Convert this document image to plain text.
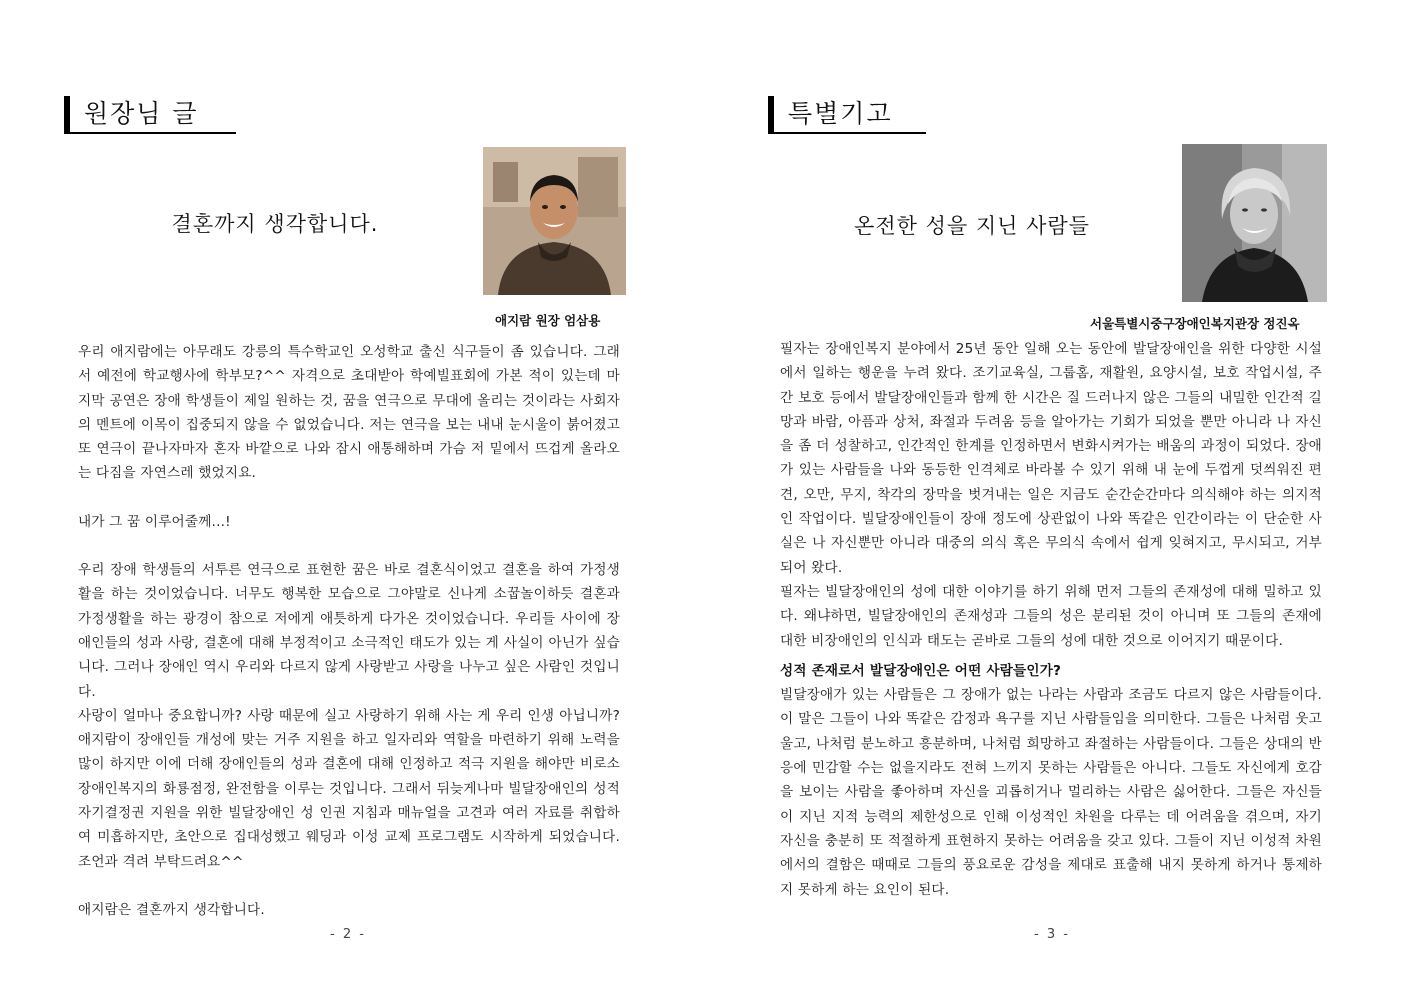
원장님 글
결혼까지 생각합니다.
애지람 원장 엄삼용

우리 애지람에는 아무래도 강릉의 특수학교인 오성학교 출신 식구들이 좀 있습니다. 그래서 예전에 학교행사에 학부모?^^ 자격으로 초대받아 학예빌표회에 가본 적이 있는데 마지막 공연은 장애 학생들이 제일 원하는 것, 꿈을 연극으로 무대에 올리는 것이라는 사회자의 멘트에 이목이 집중되지 않을 수 없었습니다. 저는 연극을 보는 내내 눈시울이 붉어졌고 또 연극이 끝나자마자 혼자 바깥으로 나와 잠시 애통해하며 가슴 저 밑에서 뜨겁게 올라오는 다짐을 자연스레 했었지요.

내가 그 꿈 이루어줄께...!

우리 장애 학생들의 서투른 연극으로 표현한 꿈은 바로 결혼식이었고 결혼을 하여 가정생활을 하는 것이었습니다. 너무도 행복한 모습으로 그야말로 신나게 소꿉놀이하듯 결혼과 가정생활을 하는 광경이 참으로 저에게 애틋하게 다가온 것이었습니다. 우리들 사이에 장애인들의 성과 사랑, 결혼에 대해 부정적이고 소극적인 태도가 있는 게 사실이 아닌가 싶습니다. 그러나 장애인 역시 우리와 다르지 않게 사랑받고 사랑을 나누고 싶은 사람인 것입니다.

사랑이 얼마나 중요합니까? 사랑 때문에 실고 사랑하기 위해 사는 게 우리 인생 아닙니까? 애지람이 장애인들 개성에 맞는 거주 지원을 하고 일자리와 역할을 마련하기 위해 노력을 많이 하지만 이에 더해 장애인들의 성과 결혼에 대해 인정하고 적극 지원을 해야만 비로소 장애인복지의 화룡점정, 완전함을 이루는 것입니다. 그래서 뒤늦게나마 빌달장애인의 성적자기결정권 지원을 위한 빌달장애인 성 인권 지침과 매뉴얼을 고견과 여러 자료를 취합하여 미흡하지만, 초안으로 집대성했고 웨딩과 이성 교제 프로그램도 시작하게 되었습니다. 조언과 격려 부탁드려요^^

애지람은 결혼까지 생각합니다.

- 2 -
특별기고
온전한 성을 지닌 사람들
서울특별시중구장애인복지관장 정진옥

필자는 장애인복지 분야에서 25년 동안 일해 오는 동안에 발달장애인을 위한 다양한 시설에서 일하는 행운을 누려 왔다. 조기교육실, 그룹홈, 재활원, 요양시설, 보호 작업시설, 주간 보호 등에서 발달장애인들과 함께 한 시간은 질 드러나지 않은 그들의 내밀한 인간적 길망과 바람, 아픔과 상처, 좌절과 두려움 등을 알아가는 기회가 되었을 뿐만 아니라 나 자신을 좀 더 성찰하고, 인간적인 한계를 인정하면서 변화시켜가는 배움의 과정이 되었다. 장애가 있는 사람들을 나와 동등한 인격체로 바라볼 수 있기 위해 내 눈에 두껍게 덧씌워진 편견, 오만, 무지, 착각의 장막을 벗겨내는 일은 지금도 순간순간마다 의식해야 하는 의지적인 작업이다. 빌달장애인들이 장애 정도에 상관없이 나와 똑같은 인간이라는 이 단순한 사실은 나 자신뿐만 아니라 대중의 의식 혹은 무의식 속에서 쉽게 잊혀지고, 무시되고, 거부되어 왔다.

필자는 빌달장애인의 성에 대한 이야기를 하기 위해 먼저 그들의 존재성에 대해 밀하고 있다. 왜냐하면, 빌달장애인의 존재성과 그들의 성은 분리된 것이 아니며 또 그들의 존재에 대한 비장애인의 인식과 태도는 곧바로 그들의 성에 대한 것으로 이어지기 때문이다.

성적 존재로서 발달장애인은 어떤 사람들인가?

빌달장애가 있는 사람들은 그 장애가 없는 나라는 사람과 조금도 다르지 않은 사람들이다. 이 말은 그들이 나와 똑같은 감정과 욕구를 지닌 사람들임을 의미한다. 그들은 나처럼 웃고 울고, 나처럼 분노하고 흥분하며, 나처럼 희망하고 좌절하는 사람들이다. 그들은 상대의 반응에 민감할 수는 없을지라도 전혀 느끼지 못하는 사람들은 아니다. 그들도 자신에게 호감을 보이는 사람을 좋아하며 자신을 괴롭히거나 멀리하는 사람은 싫어한다. 그들은 자신들이 지닌 지적 능력의 제한성으로 인해 이성적인 차원을 다루는 데 어려움을 겪으며, 자기 자신을 충분히 또 적절하게 표현하지 못하는 어려움을 갖고 있다. 그들이 지닌 이성적 차원에서의 결함은 때때로 그들의 풍요로운 감성을 제대로 표출해 내지 못하게 하거나 통제하지 못하게 하는 요인이 된다.

- 3 -
